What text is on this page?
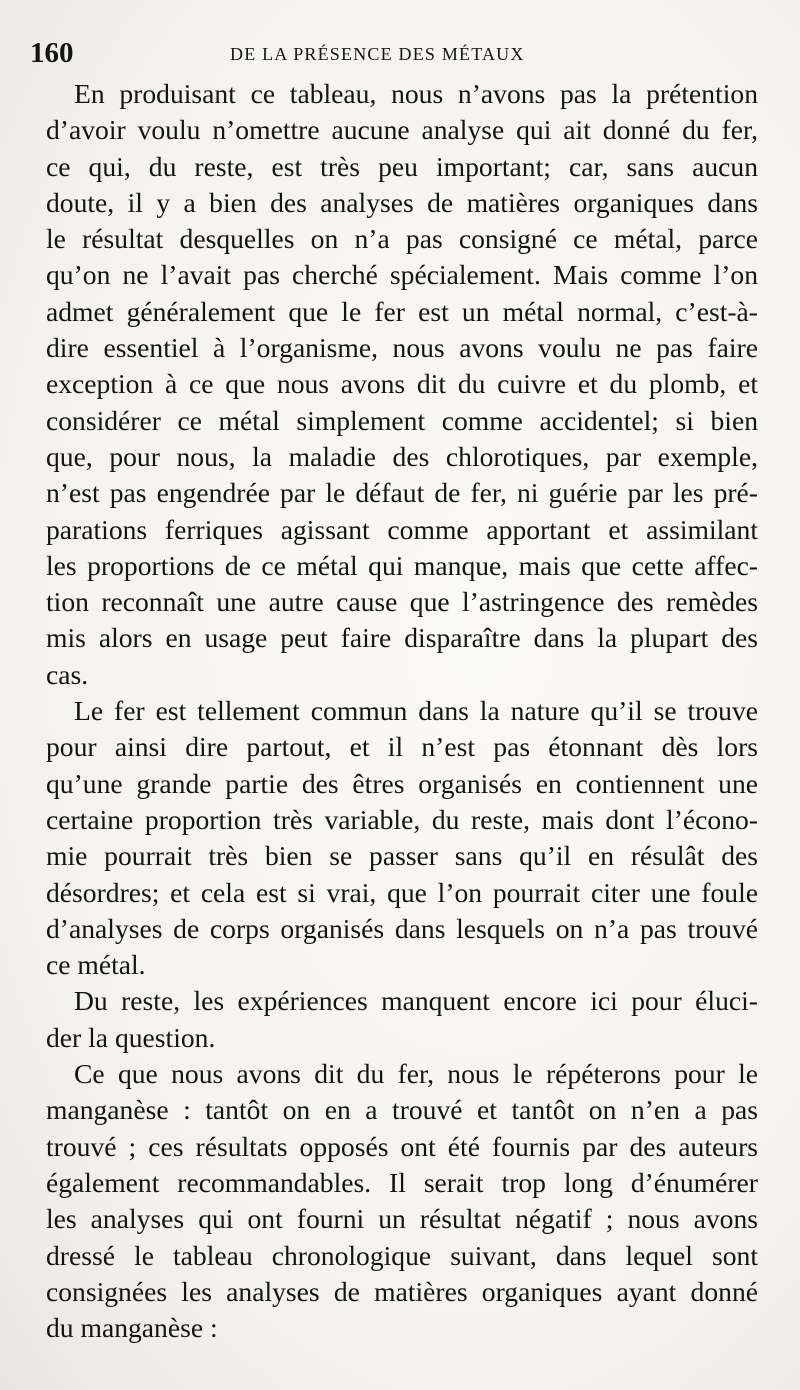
160	DE LA PRÉSENCE DES MÉTAUX
En produisant ce tableau, nous n’avons pas la prétention
d’avoir voulu n’omettre aucune analyse qui ait donné du fer,
ce qui, du reste, est très peu important; car, sans aucun
doute, il y a bien des analyses de matières organiques dans
le résultat desquelles on n’a pas consigné ce métal, parce
qu’on ne l’avait pas cherché spécialement. Mais comme l’on
admet généralement que le fer est un métal normal, c’est-à-
dire essentiel à l’organisme, nous avons voulu ne pas faire
exception à ce que nous avons dit du cuivre et du plomb, et
considérer ce métal simplement comme accidentel; si bien
que, pour nous, la maladie des chlorotiques, par exemple,
n’est pas engendrée par le défaut de fer, ni guérie par les pré-
parations ferriques agissant comme apportant et assimilant
les proportions de ce métal qui manque, mais que cette affec-
tion reconnaît une autre cause que l’astringence des remèdes
mis alors en usage peut faire disparaître dans la plupart des
cas.
Le fer est tellement commun dans la nature qu’il se trouve
pour ainsi dire partout, et il n’est pas étonnant dès lors
qu’une grande partie des êtres organisés en contiennent une
certaine proportion très variable, du reste, mais dont l’écono-
mie pourrait très bien se passer sans qu’il en résulât des
désordres; et cela est si vrai, que l’on pourrait citer une foule
d’analyses de corps organisés dans lesquels on n’a pas trouvé
ce métal.
Du reste, les expériences manquent encore ici pour éluci-
der la question.
Ce que nous avons dit du fer, nous le répéterons pour le
manganèse : tantôt on en a trouvé et tantôt on n’en a pas
trouvé ; ces résultats opposés ont été fournis par des auteurs
également recommandables. Il serait trop long d’énumérer
les analyses qui ont fourni un résultat négatif ; nous avons
dressé le tableau chronologique suivant, dans lequel sont
consignées les analyses de matières organiques ayant donné
du manganèse :
